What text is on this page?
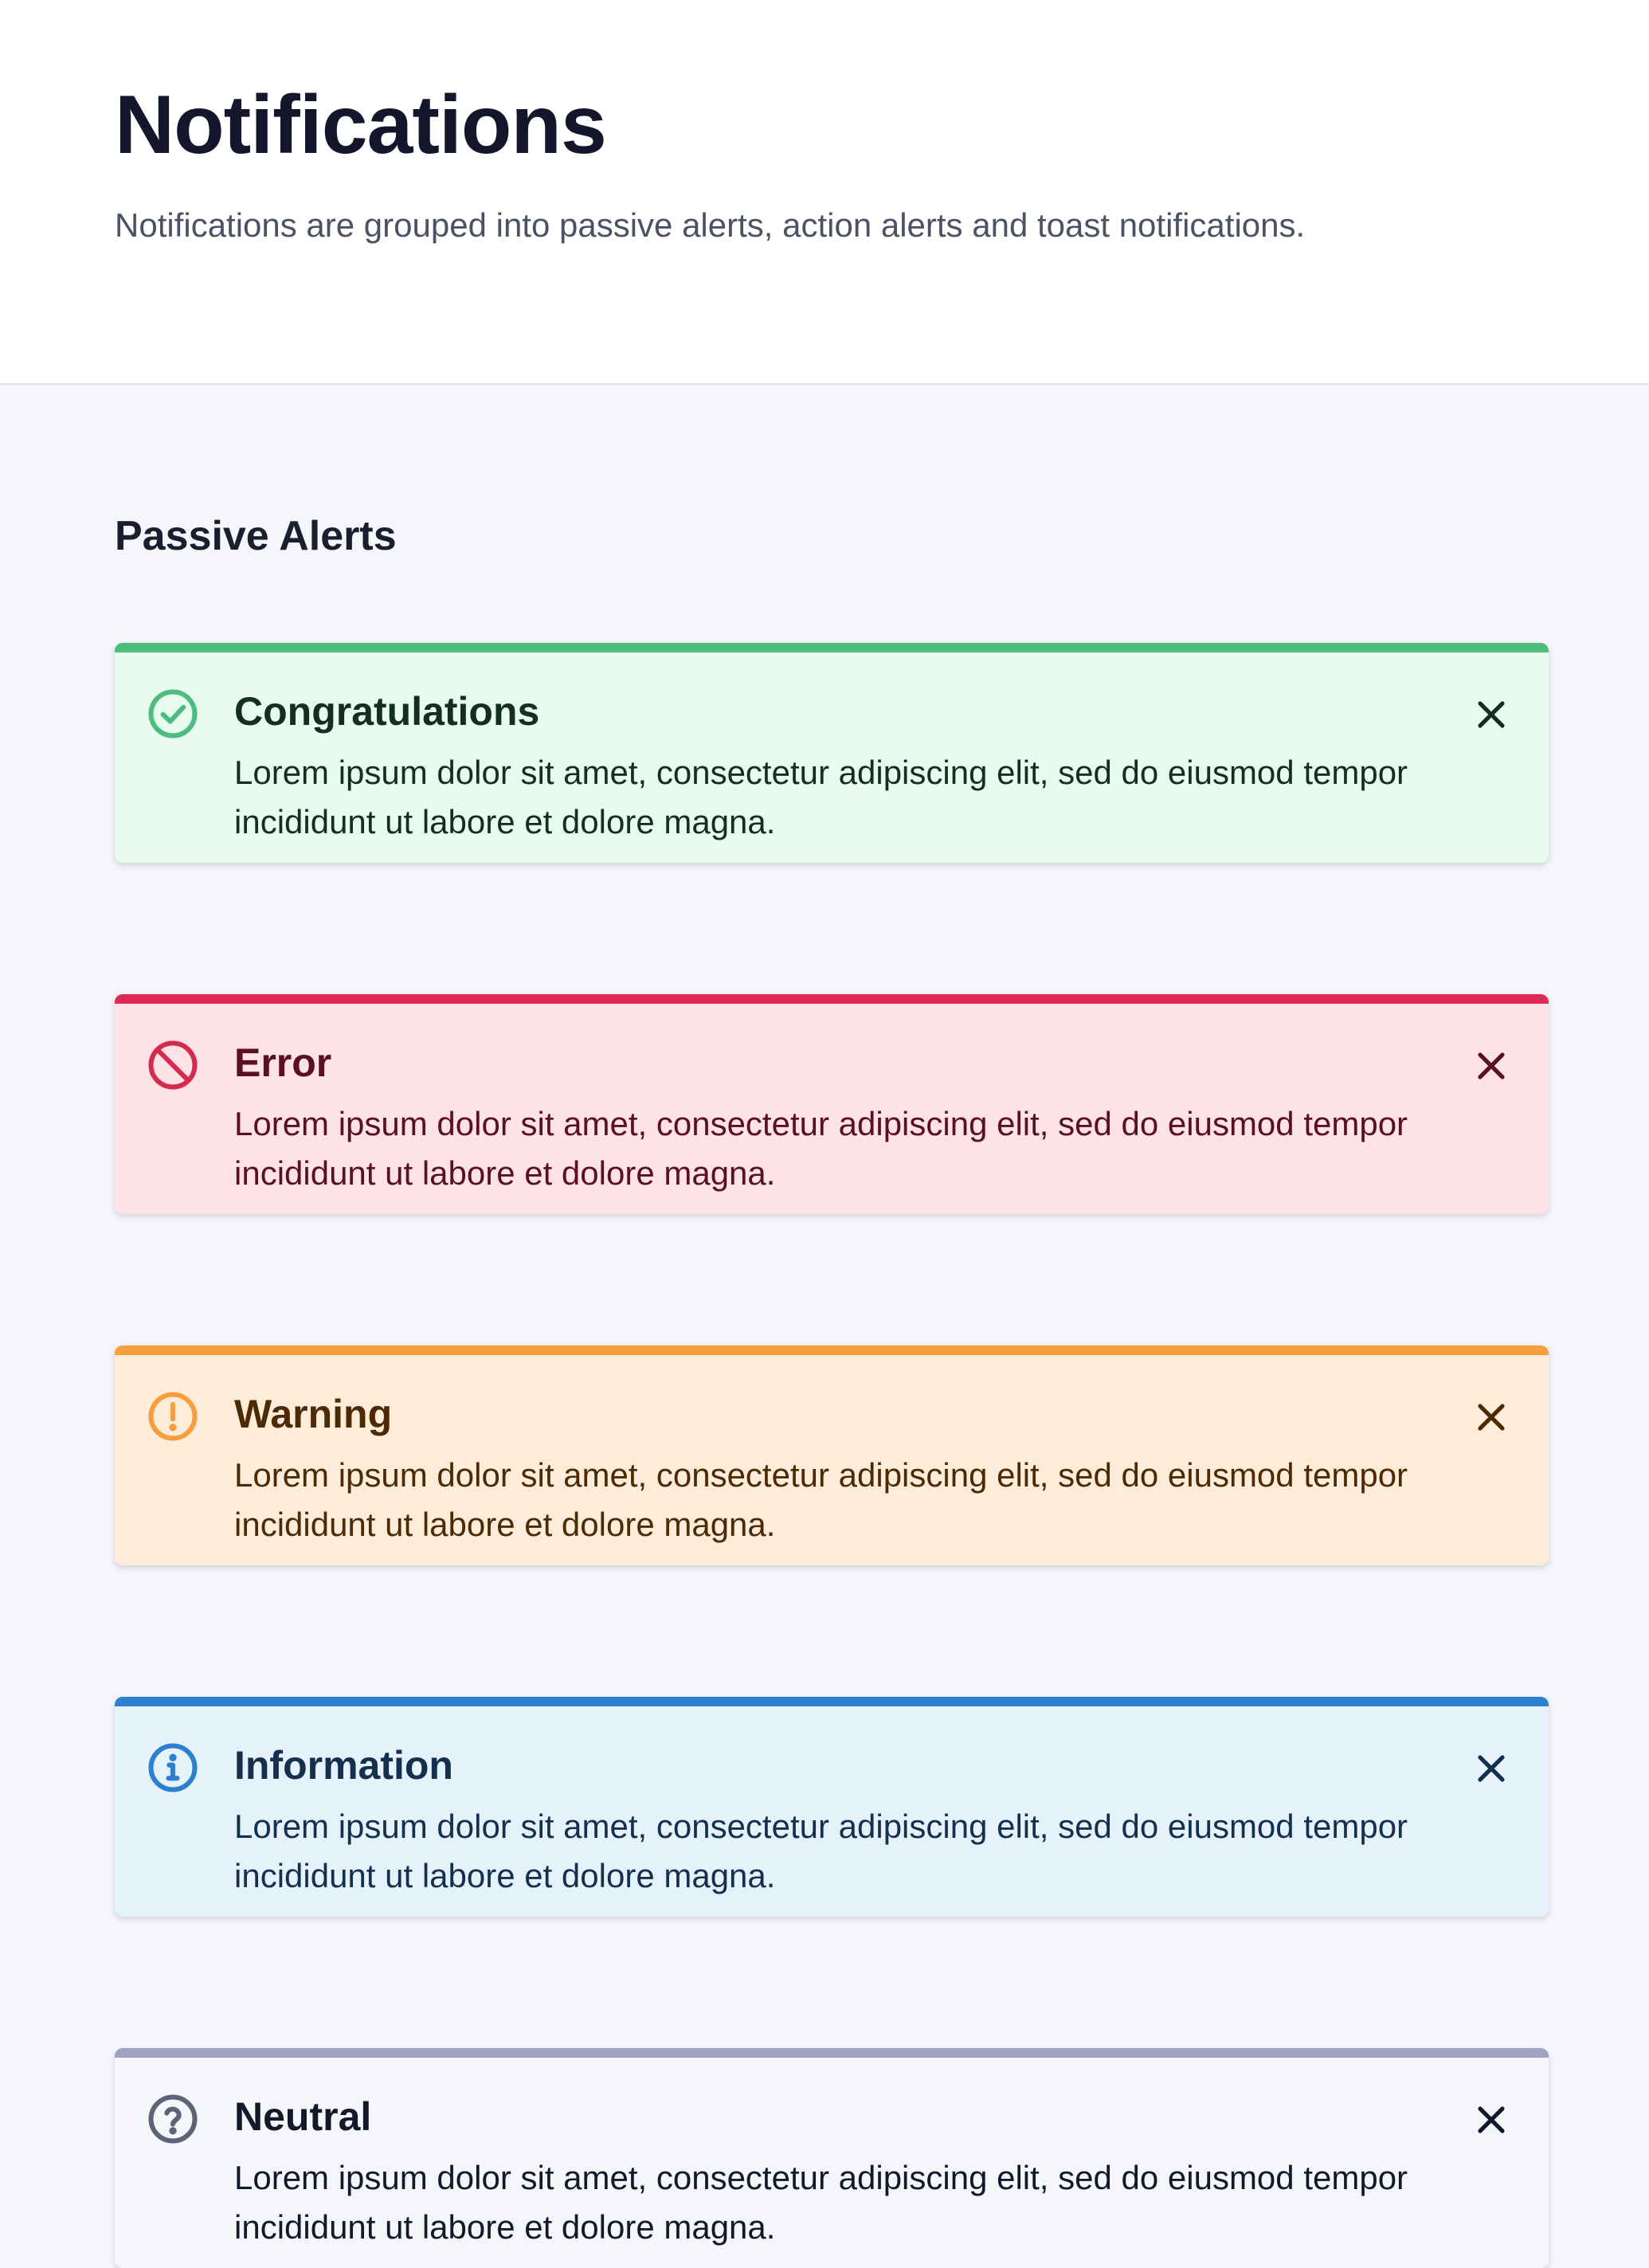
Notifications

Notifications are grouped into passive alerts, action alerts and toast notifications.

Passive Alerts
Congratulations

Lorem ipsum dolor sit amet, consectetur adipiscing elit, sed do eiusmod tempor incididunt ut labore et dolore magna.

Error

Lorem ipsum dolor sit amet, consectetur adipiscing elit, sed do eiusmod tempor incididunt ut labore et dolore magna.

Warning

Lorem ipsum dolor sit amet, consectetur adipiscing elit, sed do eiusmod tempor incididunt ut labore et dolore magna.

Information

Lorem ipsum dolor sit amet, consectetur adipiscing elit, sed do eiusmod tempor incididunt ut labore et dolore magna.

Neutral

Lorem ipsum dolor sit amet, consectetur adipiscing elit, sed do eiusmod tempor incididunt ut labore et dolore magna.
